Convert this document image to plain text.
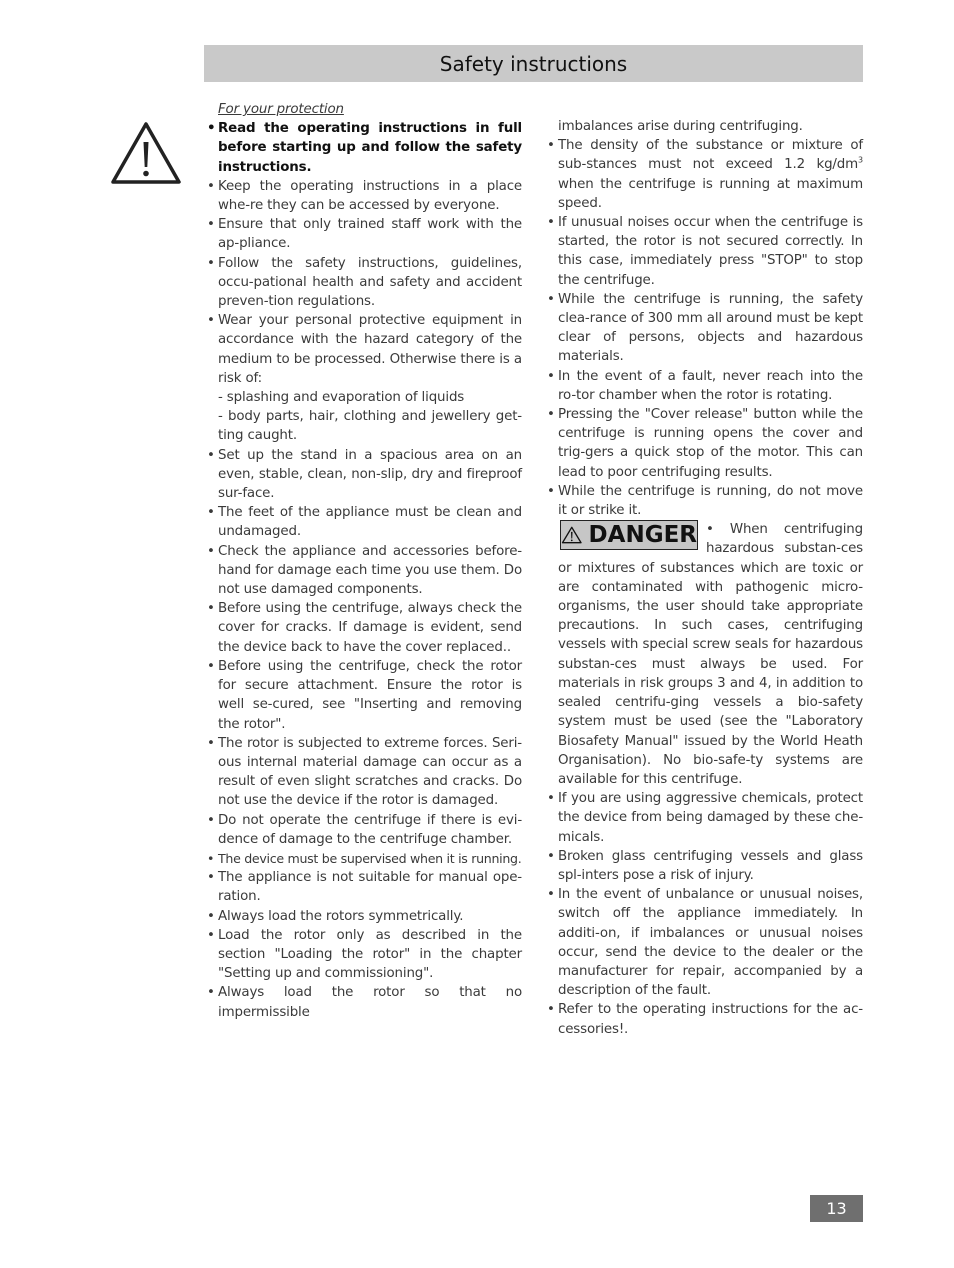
Safety instructions
For your protection
• Read the operating instructions in full before starting up and follow the safety instructions.
• Keep the operating instructions in a place whe-re they can be accessed by everyone.
• Ensure that only trained staff work with the ap-pliance.
• Follow the safety instructions, guidelines, occu-pational health and safety and accident preven-tion regulations.
• Wear your personal protective equipment in accordance with the hazard category of the medium to be processed. Otherwise there is a risk of:
- splashing and evaporation of liquids
- body parts, hair, clothing and jewellery get-ting caught.
• Set up the stand in a spacious area on an even, stable, clean, non-slip, dry and fireproof sur-face.
• The feet of the appliance must be clean and undamaged.
• Check the appliance and accessories before-hand for damage each time you use them. Do not use damaged components.
• Before using the centrifuge, always check the cover for cracks. If damage is evident, send the device back to have the cover replaced..
• Before using the centrifuge, check the rotor for secure attachment. Ensure the rotor is well se-cured, see "Inserting and removing the rotor".
• The rotor is subjected to extreme forces. Seri-ous internal material damage can occur as a result of even slight scratches and cracks. Do not use the device if the rotor is damaged.
• Do not operate the centrifuge if there is evi-dence of damage to the centrifuge chamber.
• The device must be supervised when it is running.
• The appliance is not suitable for manual ope-ration.
• Always load the rotors symmetrically.
• Load the rotor only as described in the section "Loading the rotor" in the chapter "Setting up and commissioning".
• Always load the rotor so that no impermissible
imbalances arise during centrifuging.
• The density of the substance or mixture of sub-stances must not exceed 1.2 $kg/dm^3$ when the centrifuge is running at maximum speed.
• If unusual noises occur when the centrifuge is started, the rotor is not secured correctly. In this case, immediately press "STOP" to stop the centrifuge.
• While the centrifuge is running, the safety clea-rance of 300 mm all around must be kept clear of persons, objects and hazardous materials.
• In the event of a fault, never reach into the ro-tor chamber when the rotor is rotating.
• Pressing the "Cover release" button while the centrifuge is running opens the cover and trig-gers a quick stop of the motor. This can lead to poor centrifuging results.
• While the centrifuge is running, do not move it or strike it.
DANGER • When centrifuging hazardous substan-ces or mixtures of substances which are toxic or are contaminated with pathogenic micro-organisms, the user should take appropriate precautions. In such cases, centrifuging vessels with special screw seals for hazardous substan-ces must always be used. For materials in risk groups 3 and 4, in addition to sealed centrifu-ging vessels a bio-safety system must be used (see the "Laboratory Biosafety Manual" issued by the World Heath Organisation). No bio-safe-ty systems are available for this centrifuge.
• If you are using aggressive chemicals, protect the device from being damaged by these che-micals.
• Broken glass centrifuging vessels and glass spl-inters pose a risk of injury.
• In the event of unbalance or unusual noises, switch off the appliance immediately. In additi-on, if imbalances or unusual noises occur, send the device to the dealer or the manufacturer for repair, accompanied by a description of the fault.
• Refer to the operating instructions for the ac-cessories!.
13
